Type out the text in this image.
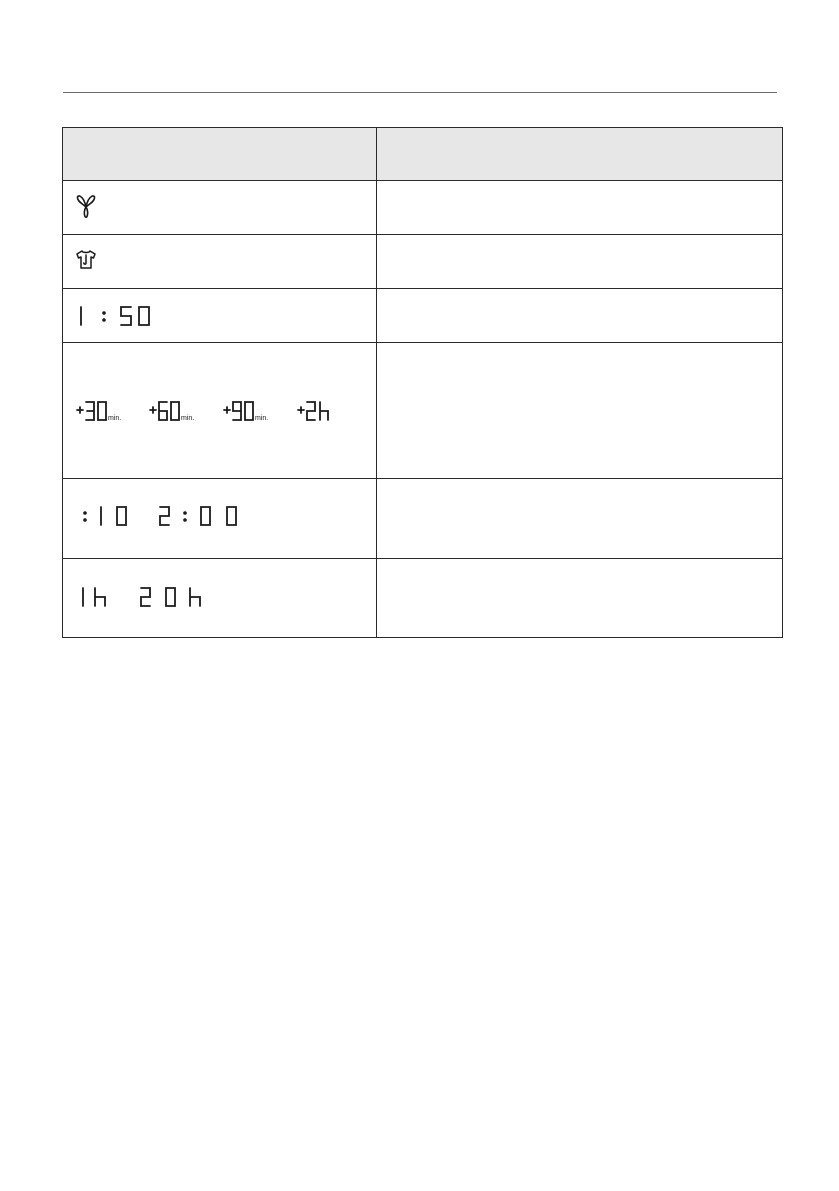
min.	min.	min.
